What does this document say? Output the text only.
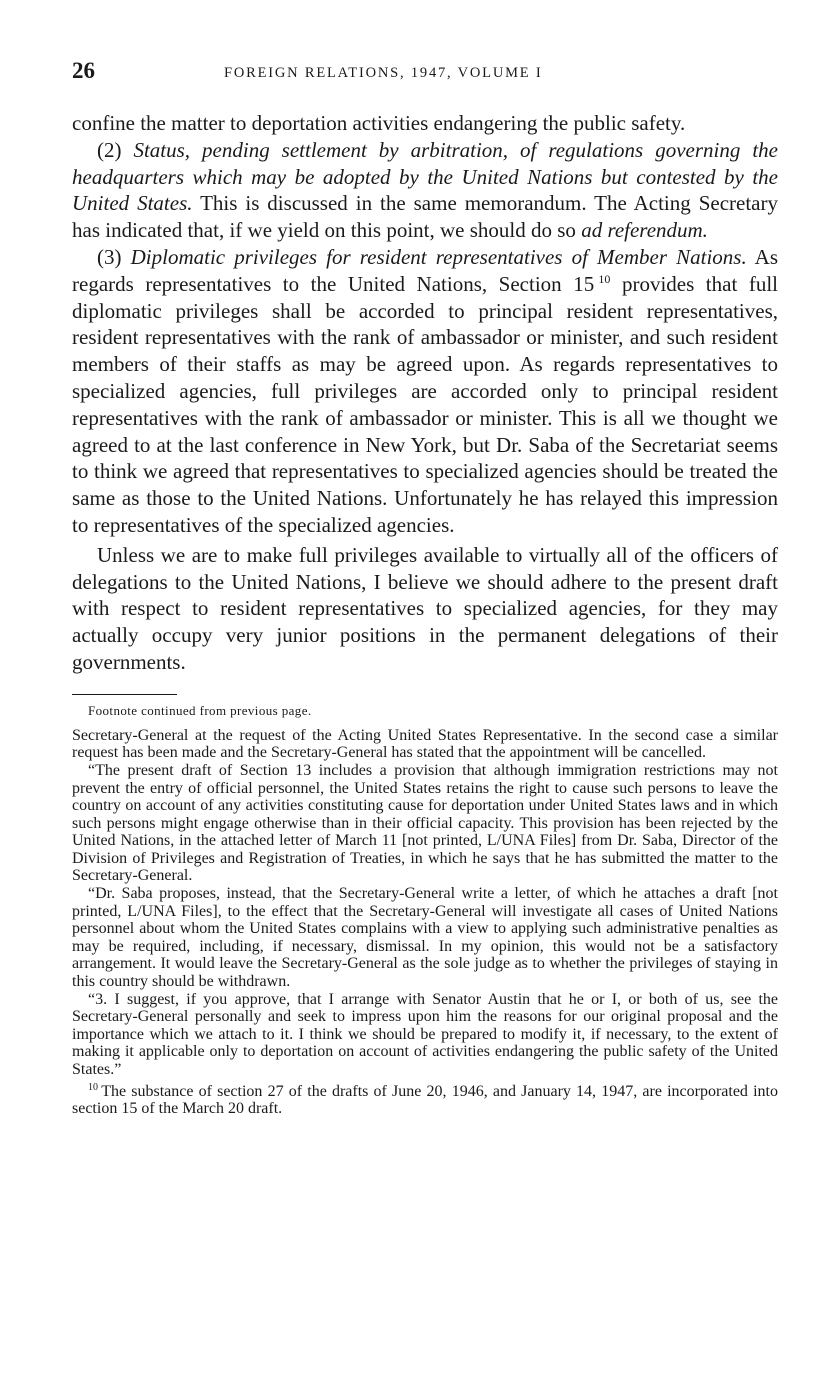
26	FOREIGN RELATIONS, 1947, VOLUME I

confine the matter to deportation activities endangering the public safety.

(2) Status, pending settlement by arbitration, of regulations governing the headquarters which may be adopted by the United Nations but contested by the United States. This is discussed in the same memorandum. The Acting Secretary has indicated that, if we yield on this point, we should do so ad referendum.

(3) Diplomatic privileges for resident representatives of Member Nations. As regards representatives to the United Nations, Section 15  $^{10}$ provides that full diplomatic privileges shall be accorded to principal resident representatives, resident representatives with the rank of ambassador or minister, and such resident members of their staffs as may be agreed upon. As regards representatives to specialized agencies, full privileges are accorded only to principal resident representatives with the rank of ambassador or minister. This is all we thought we agreed to at the last conference in New York, but Dr. Saba of the Secretariat seems to think we agreed that representatives to specialized agencies should be treated the same as those to the United Nations. Unfortunately he has relayed this impression to representatives of the specialized agencies.

Unless we are to make full privileges available to virtually all of the officers of delegations to the United Nations, I believe we should adhere to the present draft with respect to resident representatives to specialized agencies, for they may actually occupy very junior positions in the permanent delegations of their governments.

Footnote continued from previous page.

Secretary-General at the request of the Acting United States Representative. In the second case a similar request has been made and the Secretary-General has stated that the appointment will be cancelled.

“The present draft of Section 13 includes a provision that although immigration restrictions may not prevent the entry of official personnel, the United States retains the right to cause such persons to leave the country on account of any activities constituting cause for deportation under United States laws and in which such persons might engage otherwise than in their official capacity. This provision has been rejected by the United Nations, in the attached letter of March 11 [not printed, L/UNA Files] from Dr. Saba, Director of the Division of Privileges and Registration of Treaties, in which he says that he has submitted the matter to the Secretary-General.

“Dr. Saba proposes, instead, that the Secretary-General write a letter, of which he attaches a draft [not printed, L/UNA Files], to the effect that the Secretary-General will investigate all cases of United Nations personnel about whom the United States complains with a view to applying such administrative penalties as may be required, including, if necessary, dismissal. In my opinion, this would not be a satisfactory arrangement. It would leave the Secretary-General as the sole judge as to whether the privileges of staying in this country should be withdrawn.

“3. I suggest, if you approve, that I arrange with Senator Austin that he or I, or both of us, see the Secretary-General personally and seek to impress upon him the reasons for our original proposal and the importance which we attach to it. I think we should be prepared to modify it, if necessary, to the extent of making it applicable only to deportation on account of activities endangering the public safety of the United States.”

$^{10}$  The substance of section 27 of the drafts of June 20, 1946, and January 14, 1947, are incorporated into section 15 of the March 20 draft.
